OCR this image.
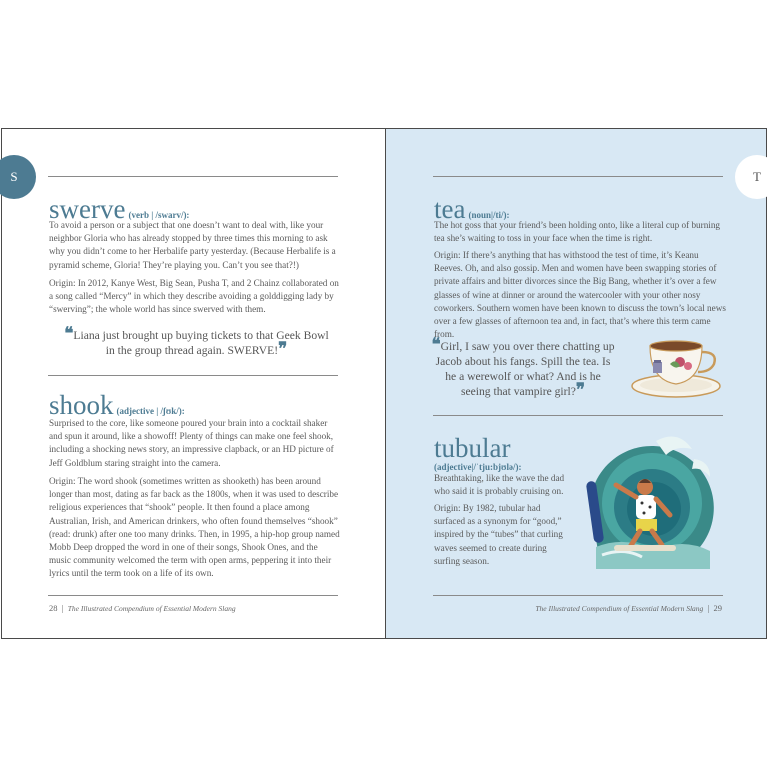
S
swerve (verb | /swarv/):

To avoid a person or a subject that one doesn’t want to deal with, like your neighbor Gloria who has already stopped by three times this morning to ask why you didn’t come to her Herbalife party yesterday. (Because Herbalife is a pyramid scheme, Gloria! They’re playing you. Can’t you see that?!)

Origin: In 2012, Kanye West, Big Sean, Pusha T, and 2 Chainz collaborated on a song called “Mercy” in which they describe avoiding a golddigging lady by “swerving”; the whole world has since swerved with them.

❝Liana just brought up buying tickets to that Geek Bowl in the group thread again. SWERVE!❞
shook (adjective | /ʃʊk/):

Surprised to the core, like someone poured your brain into a cocktail shaker and spun it around, like a showoff! Plenty of things can make one feel shook, including a shocking news story, an impressive clapback, or an HD picture of Jeff Goldblum staring straight into the camera.

Origin: The word shook (sometimes written as shooketh) has been around longer than most, dating as far back as the 1800s, when it was used to describe religious experiences that “shook” people. It then found a place among Australian, Irish, and American drinkers, who often found themselves “shook” (read: drunk) after one too many drinks. Then, in 1995, a hip-hop group named Mobb Deep dropped the word in one of their songs, Shook Ones, and the music community welcomed the term with open arms, peppering it into their lyrics until the term took on a life of its own.

28  |  The Illustrated Compendium of Essential Modern Slang
T
tea (noun|/ti/):

The hot goss that your friend’s been holding onto, like a literal cup of burning tea she’s waiting to toss in your face when the time is right.

Origin: If there’s anything that has withstood the test of time, it’s Keanu Reeves. Oh, and also gossip. Men and women have been swapping stories of private affairs and bitter divorces since the Big Bang, whether it’s over a few glasses of wine at dinner or around the watercooler with your other nosy coworkers. Southern women have been known to discuss the town’s local news over a few glasses of afternoon tea and, in fact, that’s where this term came from.

❝Girl, I saw you over there chatting up Jacob about his fangs. Spill the tea. Is he a werewolf or what? And is he seeing that vampire girl?❞
tubular
(adjective|/ˈtju:bjʊlə/):

Breathtaking, like the wave the dad who said it is probably cruising on.

Origin: By 1982, tubular had surfaced as a synonym for “good,” inspired by the “tubes” that curling waves seemed to create during surfing season.

The Illustrated Compendium of Essential Modern Slang  |  29
